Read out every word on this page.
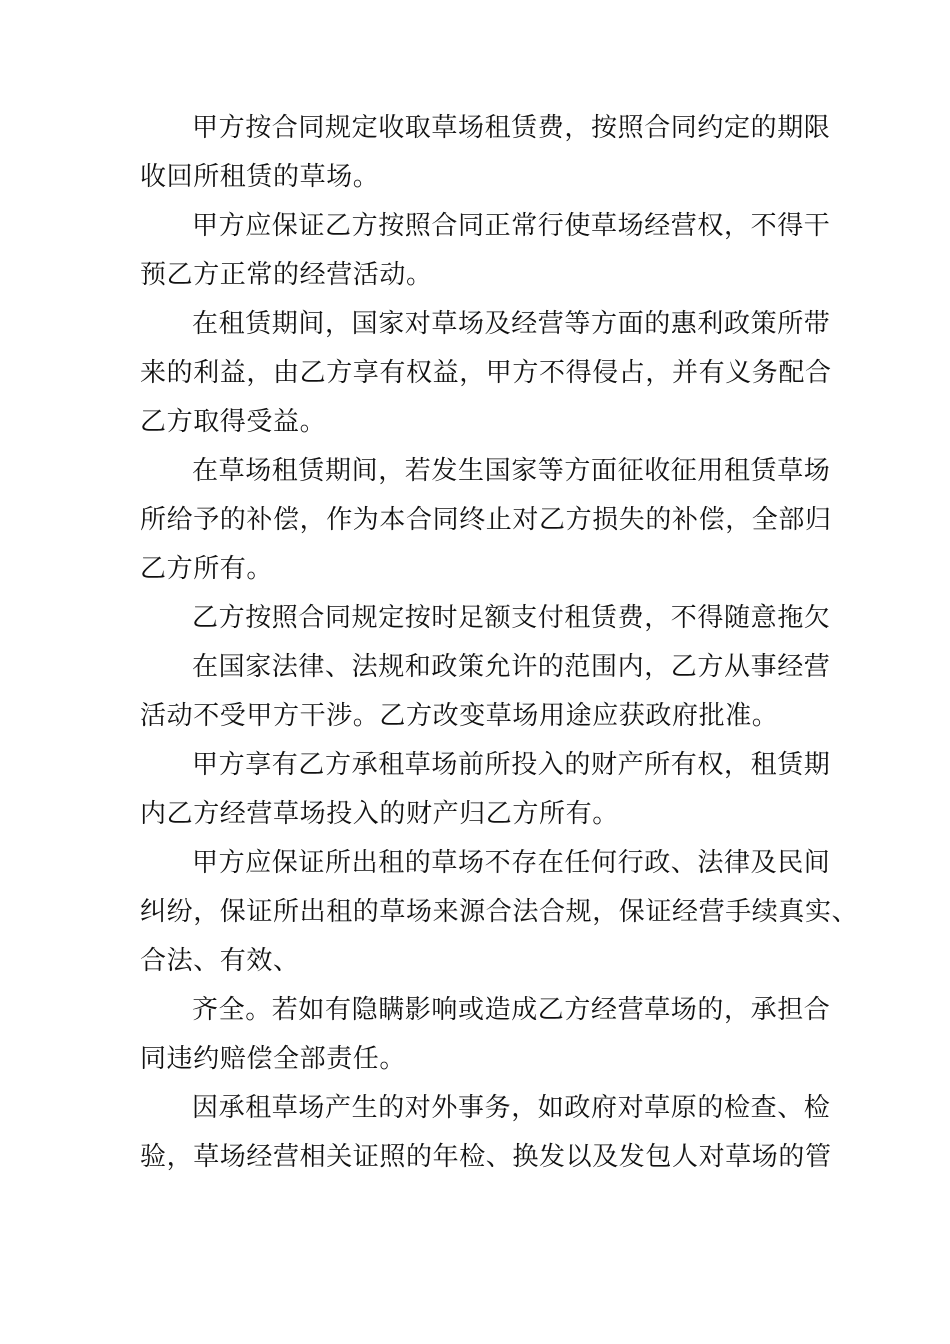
甲方按合同规定收取草场租赁费，按照合同约定的期限
收回所租赁的草场。
甲方应保证乙方按照合同正常行使草场经营权，不得干
预乙方正常的经营活动。
在租赁期间，国家对草场及经营等方面的惠利政策所带
来的利益，由乙方享有权益，甲方不得侵占，并有义务配合
乙方取得受益。
在草场租赁期间，若发生国家等方面征收征用租赁草场
所给予的补偿，作为本合同终止对乙方损失的补偿，全部归
乙方所有。
乙方按照合同规定按时足额支付租赁费，不得随意拖欠
在国家法律、法规和政策允许的范围内，乙方从事经营
活动不受甲方干涉。乙方改变草场用途应获政府批准。
甲方享有乙方承租草场前所投入的财产所有权，租赁期
内乙方经营草场投入的财产归乙方所有。
甲方应保证所出租的草场不存在任何行政、法律及民间
纠纷，保证所出租的草场来源合法合规，保证经营手续真实、
合法、有效、
齐全。若如有隐瞒影响或造成乙方经营草场的，承担合
同违约赔偿全部责任。
因承租草场产生的对外事务，如政府对草原的检查、检
验，草场经营相关证照的年检、换发以及发包人对草场的管
